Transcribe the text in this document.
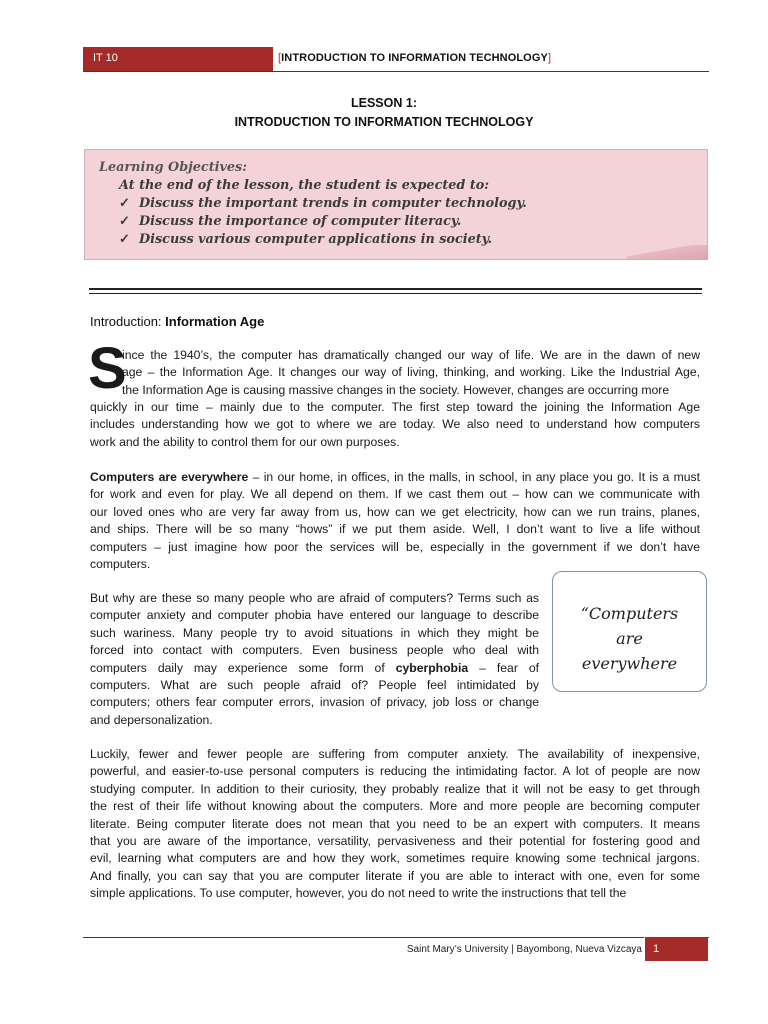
IT 10	[INTRODUCTION TO INFORMATION TECHNOLOGY]
LESSON 1:
INTRODUCTION TO INFORMATION TECHNOLOGY
Learning Objectives:
At the end of the lesson, the student is expected to:
✓ Discuss the important trends in computer technology.
✓ Discuss the importance of computer literacy.
✓ Discuss various computer applications in society.
Introduction: Information Age
S
ince the 1940’s, the computer has dramatically changed our way of life. We are in the dawn of new
age – the Information Age. It changes our way of living, thinking, and working. Like the Industrial Age,
the Information Age is causing massive changes in the society. However, changes are occurring more
quickly in our time – mainly due to the computer. The first step toward the joining the Information Age
includes understanding how we got to where we are today. We also need to understand how computers
work and the ability to control them for our own purposes.
Computers are everywhere – in our home, in offices, in the malls, in school, in any place you go. It is a must
for work and even for play. We all depend on them. If we cast them out – how can we communicate with
our loved ones who are very far away from us, how can we get electricity, how can we run trains, planes,
and ships. There will be so many “hows” if we put them aside. Well, I don’t want to live a life without
computers – just imagine how poor the services will be, especially in the government if we don’t have
computers.
But why are these so many people who are afraid of computers? Terms such as
computer anxiety and computer phobia have entered our language to describe
such wariness. Many people try to avoid situations in which they might be
forced into contact with computers. Even business people who deal with
computers daily may experience some form of cyberphobia – fear of
computers. What are such people afraid of? People feel intimidated by
computers; others fear computer errors, invasion of privacy, job loss or change
and depersonalization.
“Computers
are
everywhere
Luckily, fewer and fewer people are suffering from computer anxiety. The availability of inexpensive,
powerful, and easier-to-use personal computers is reducing the intimidating factor. A lot of people are now
studying computer. In addition to their curiosity, they probably realize that it will not be easy to get through
the rest of their life without knowing about the computers. More and more people are becoming computer
literate. Being computer literate does not mean that you need to be an expert with computers. It means
that you are aware of the importance, versatility, pervasiveness and their potential for fostering good and
evil, learning what computers are and how they work, sometimes require knowing some technical jargons.
And finally, you can say that you are computer literate if you are able to interact with one, even for some
simple applications. To use computer, however, you do not need to write the instructions that tell the
Saint Mary’s University | Bayombong, Nueva Vizcaya 1
